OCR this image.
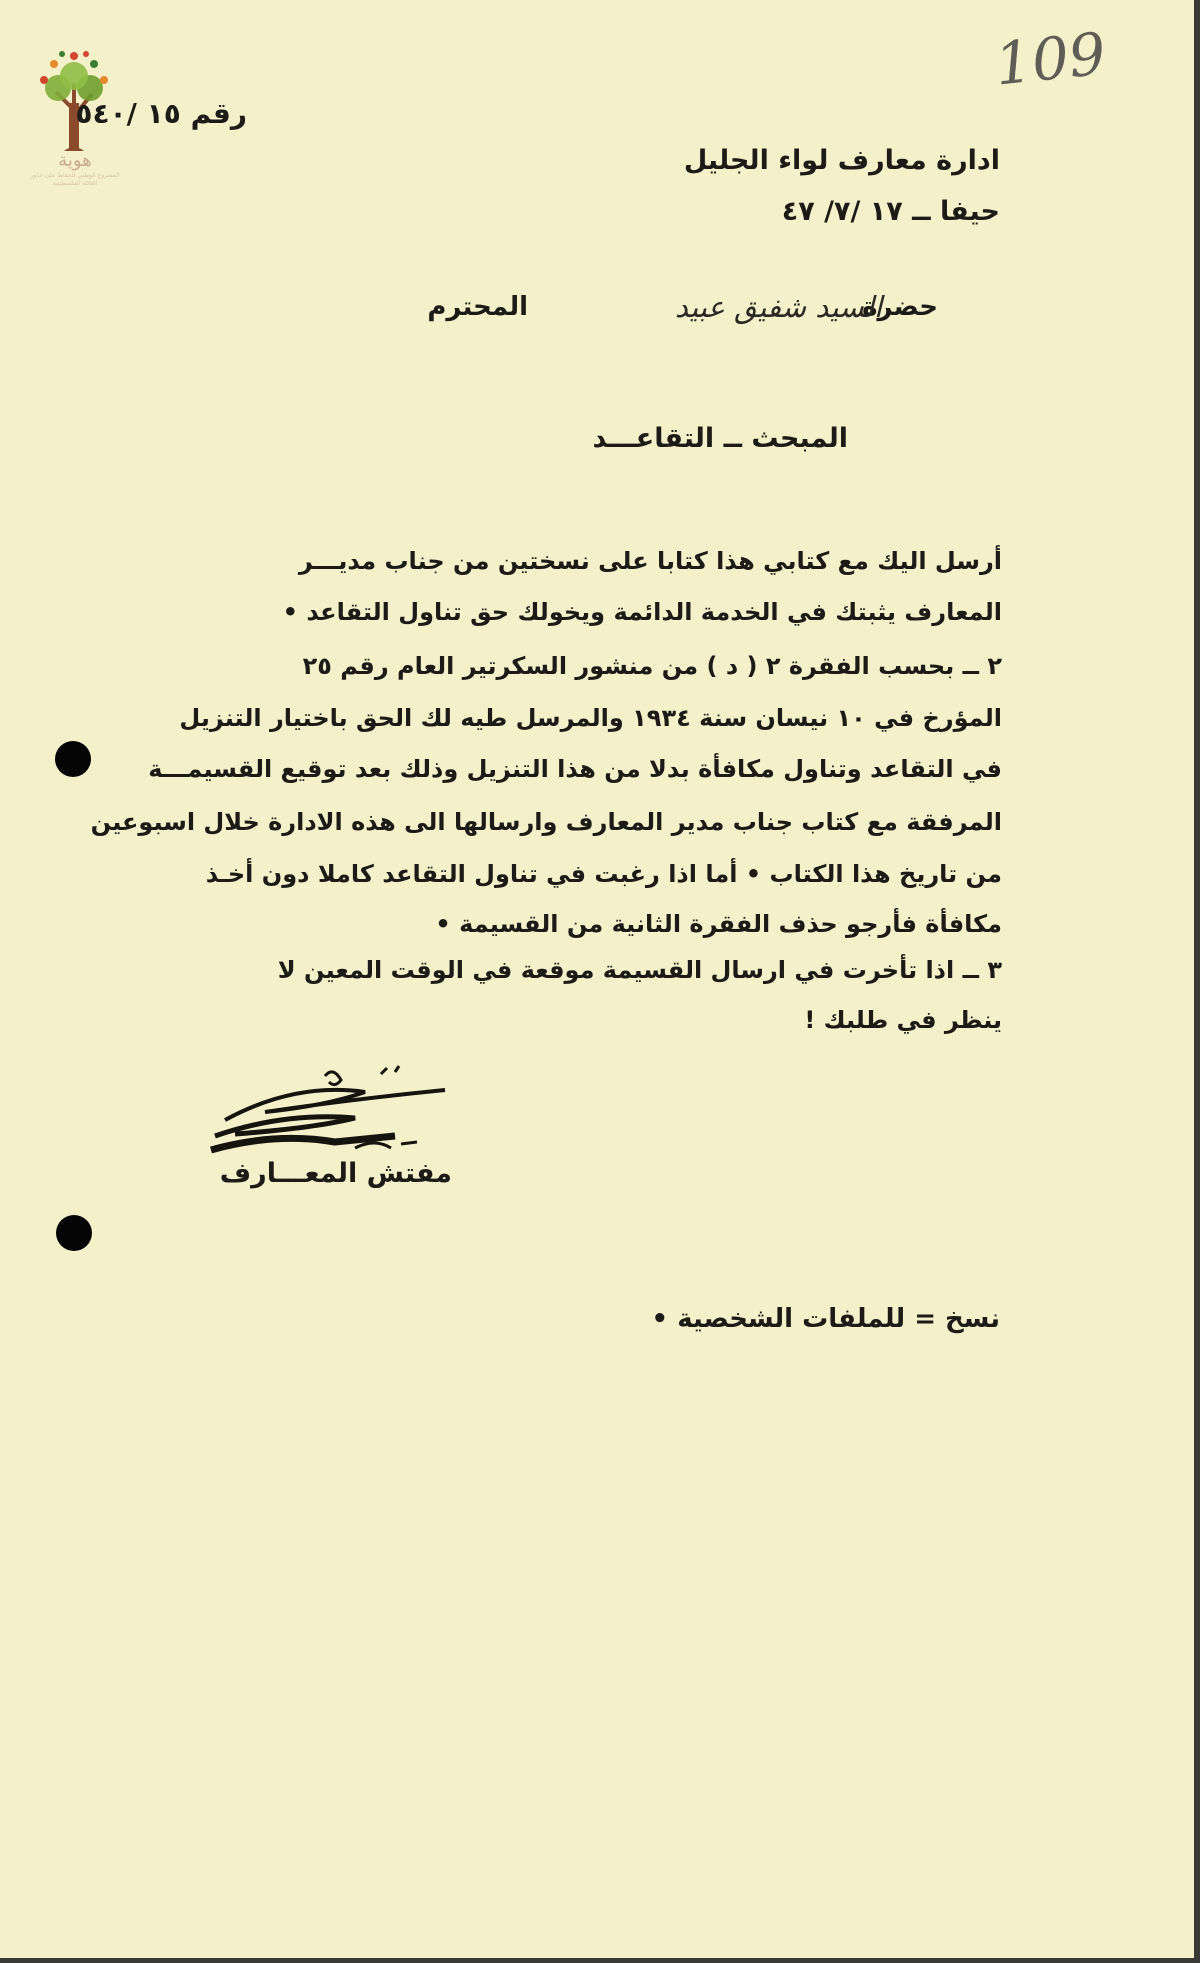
هوية
المشروع الوطني للحفاظ على جذور العائلة الفلسطينية
109
رقم ١٥ /٥٤٠
ادارة معارف لواء الجليل
حيفا ــ ١٧ /٧/ ٤٧
حضرة
السيد شفيق عبيد
المحترم
المبحث ــ التقاعـــد
أرسل اليك مع كتابي هذا كتابا على نسختين من جناب مديـــر
المعارف يثبتك في الخدمة الدائمة ويخولك حق تناول التقاعد •
٢ ــ بحسب الفقرة ٢ ( د ) من منشور السكرتير العام رقم ٢٥
المؤرخ في ١٠ نيسان سنة ١٩٣٤ والمرسل طيه لك الحق باختيار التنزيل
في التقاعد وتناول مكافأة بدلا من هذا التنزيل وذلك بعد توقيع القسيمـــة
المرفقة مع كتاب جناب مدير المعارف وارسالها الى هذه الادارة خلال اسبوعين
من تاريخ هذا الكتاب • أما اذا رغبت في تناول التقاعد كاملا دون أخـذ
مكافأة فأرجو حذف الفقرة الثانية من القسيمة •
٣ ــ اذا تأخرت في ارسال القسيمة موقعة في الوقت المعين لا
ينظر في طلبك !
مفتش المعـــارف
نسخ = للملفات الشخصية •
